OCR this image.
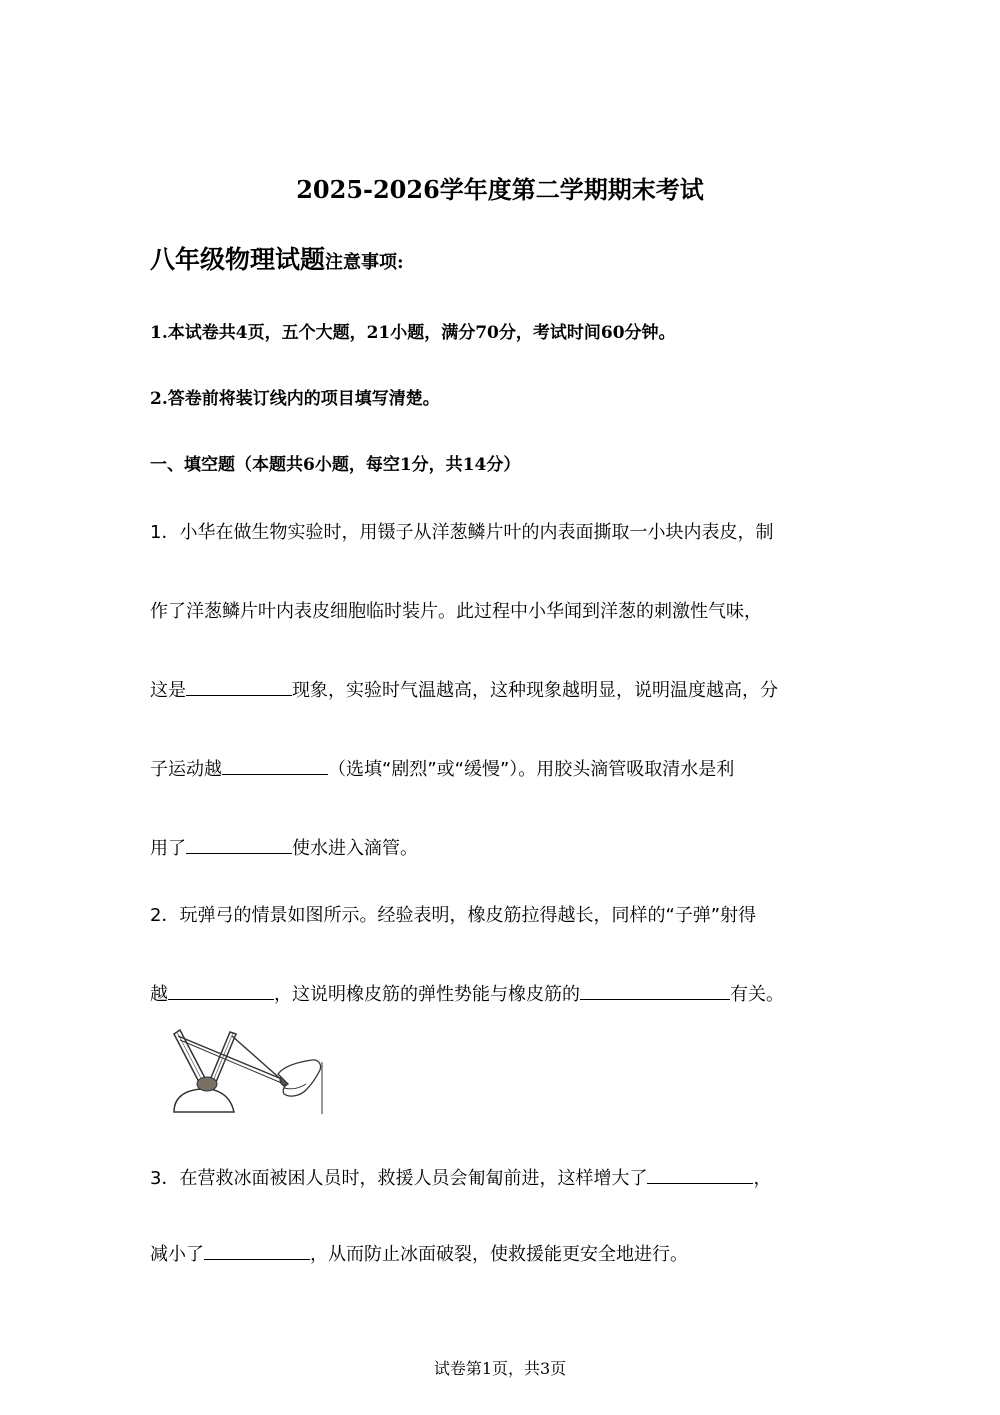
2025-2026学年度第二学期期末考试
八年级物理试题注意事项:
1.本试卷共4页，五个大题，21小题，满分70分，考试时间60分钟。
2.答卷前将装订线内的项目填写清楚。
一、填空题（本题共6小题，每空1分，共14分）
1．小华在做生物实验时，用镊子从洋葱鳞片叶的内表面撕取一小块内表皮，制
作了洋葱鳞片叶内表皮细胞临时装片。此过程中小华闻到洋葱的刺激性气味，
这是	现象，实验时气温越高，这种现象越明显，说明温度越高，分
子运动越	（选填“剧烈”或“缓慢”）。用胶头滴管吸取清水是利
用了	使水进入滴管。
2．玩弹弓的情景如图所示。经验表明，橡皮筋拉得越长，同样的“子弹”射得
越	，这说明橡皮筋的弹性势能与橡皮筋的	有关。
3．在营救冰面被困人员时，救援人员会匍匐前进，这样增大了	，
减小了	，从而防止冰面破裂，使救援能更安全地进行。
试卷第1页，共3页
